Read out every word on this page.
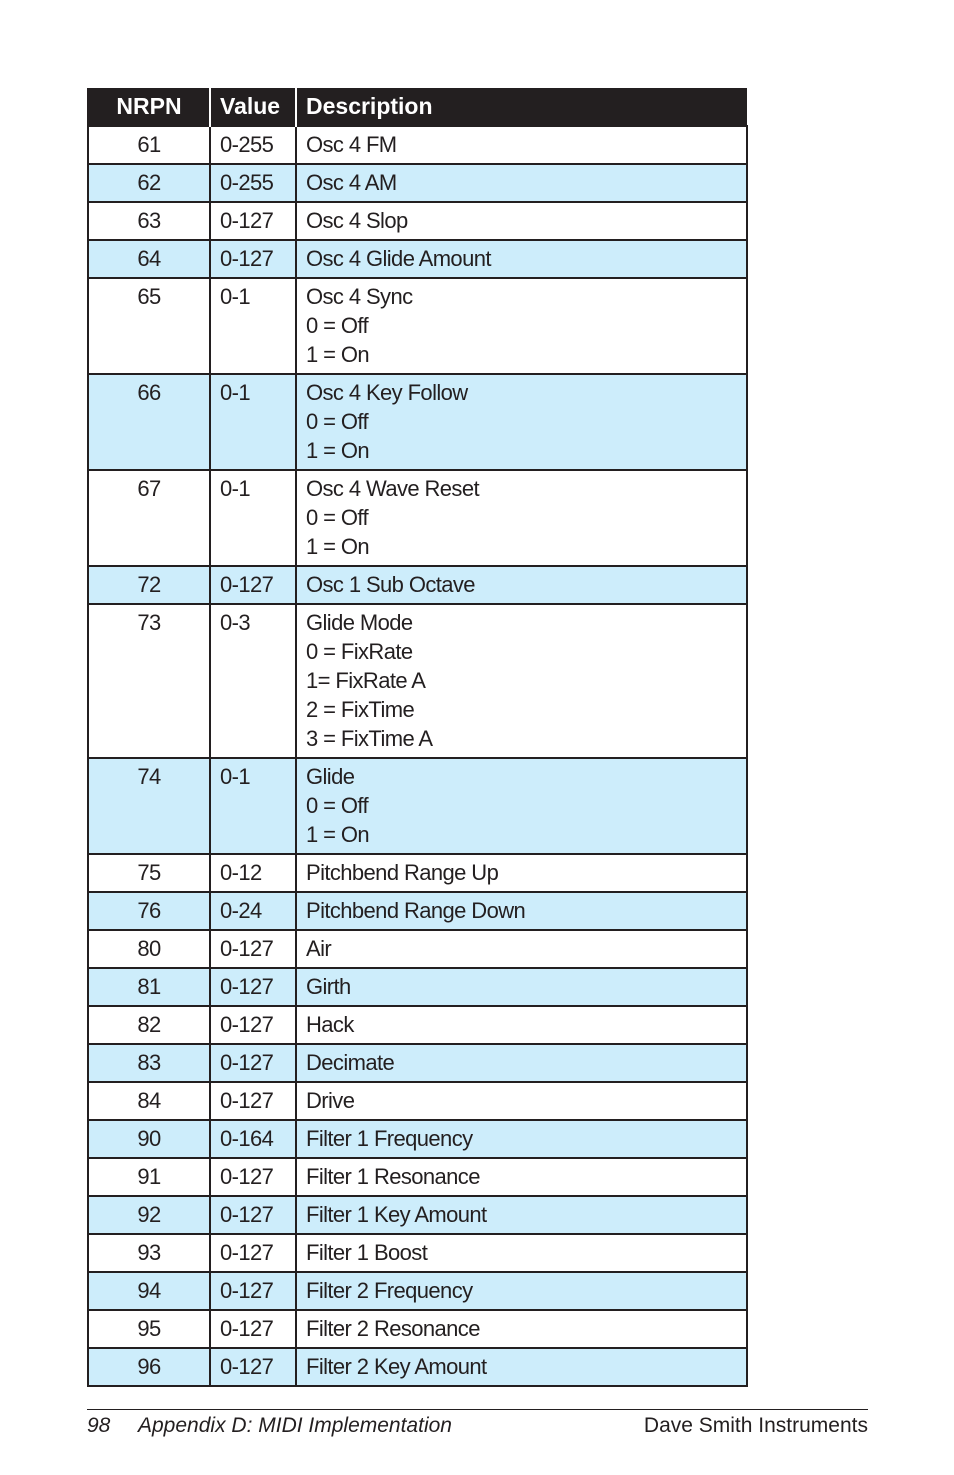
NRPN	Value	Description
61	0-255	Osc 4 FM

62	0-255	Osc 4 AM

63	0-127	Osc 4 Slop

64	0-127	Osc 4 Glide Amount

65	0-1	Osc 4 Sync
0 = Off
1 = On

66	0-1	Osc 4 Key Follow
0 = Off
1 = On

67	0-1	Osc 4 Wave Reset
0 = Off
1 = On

72	0-127	Osc 1 Sub Octave

73	0-3	Glide Mode
0 = FixRate
1= FixRate A
2 = FixTime
3 = FixTime A

74	0-1	Glide
0 = Off
1 = On

75	0-12	Pitchbend Range Up

76	0-24	Pitchbend Range Down

80	0-127	Air

81	0-127	Girth

82	0-127	Hack

83	0-127	Decimate

84	0-127	Drive

90	0-164	Filter 1 Frequency

91	0-127	Filter 1 Resonance

92	0-127	Filter 1 Key Amount

93	0-127	Filter 1 Boost

94	0-127	Filter 2 Frequency

95	0-127	Filter 2 Resonance

96	0-127	Filter 2 Key Amount
98 Appendix D: MIDI Implementation	Dave Smith Instruments
